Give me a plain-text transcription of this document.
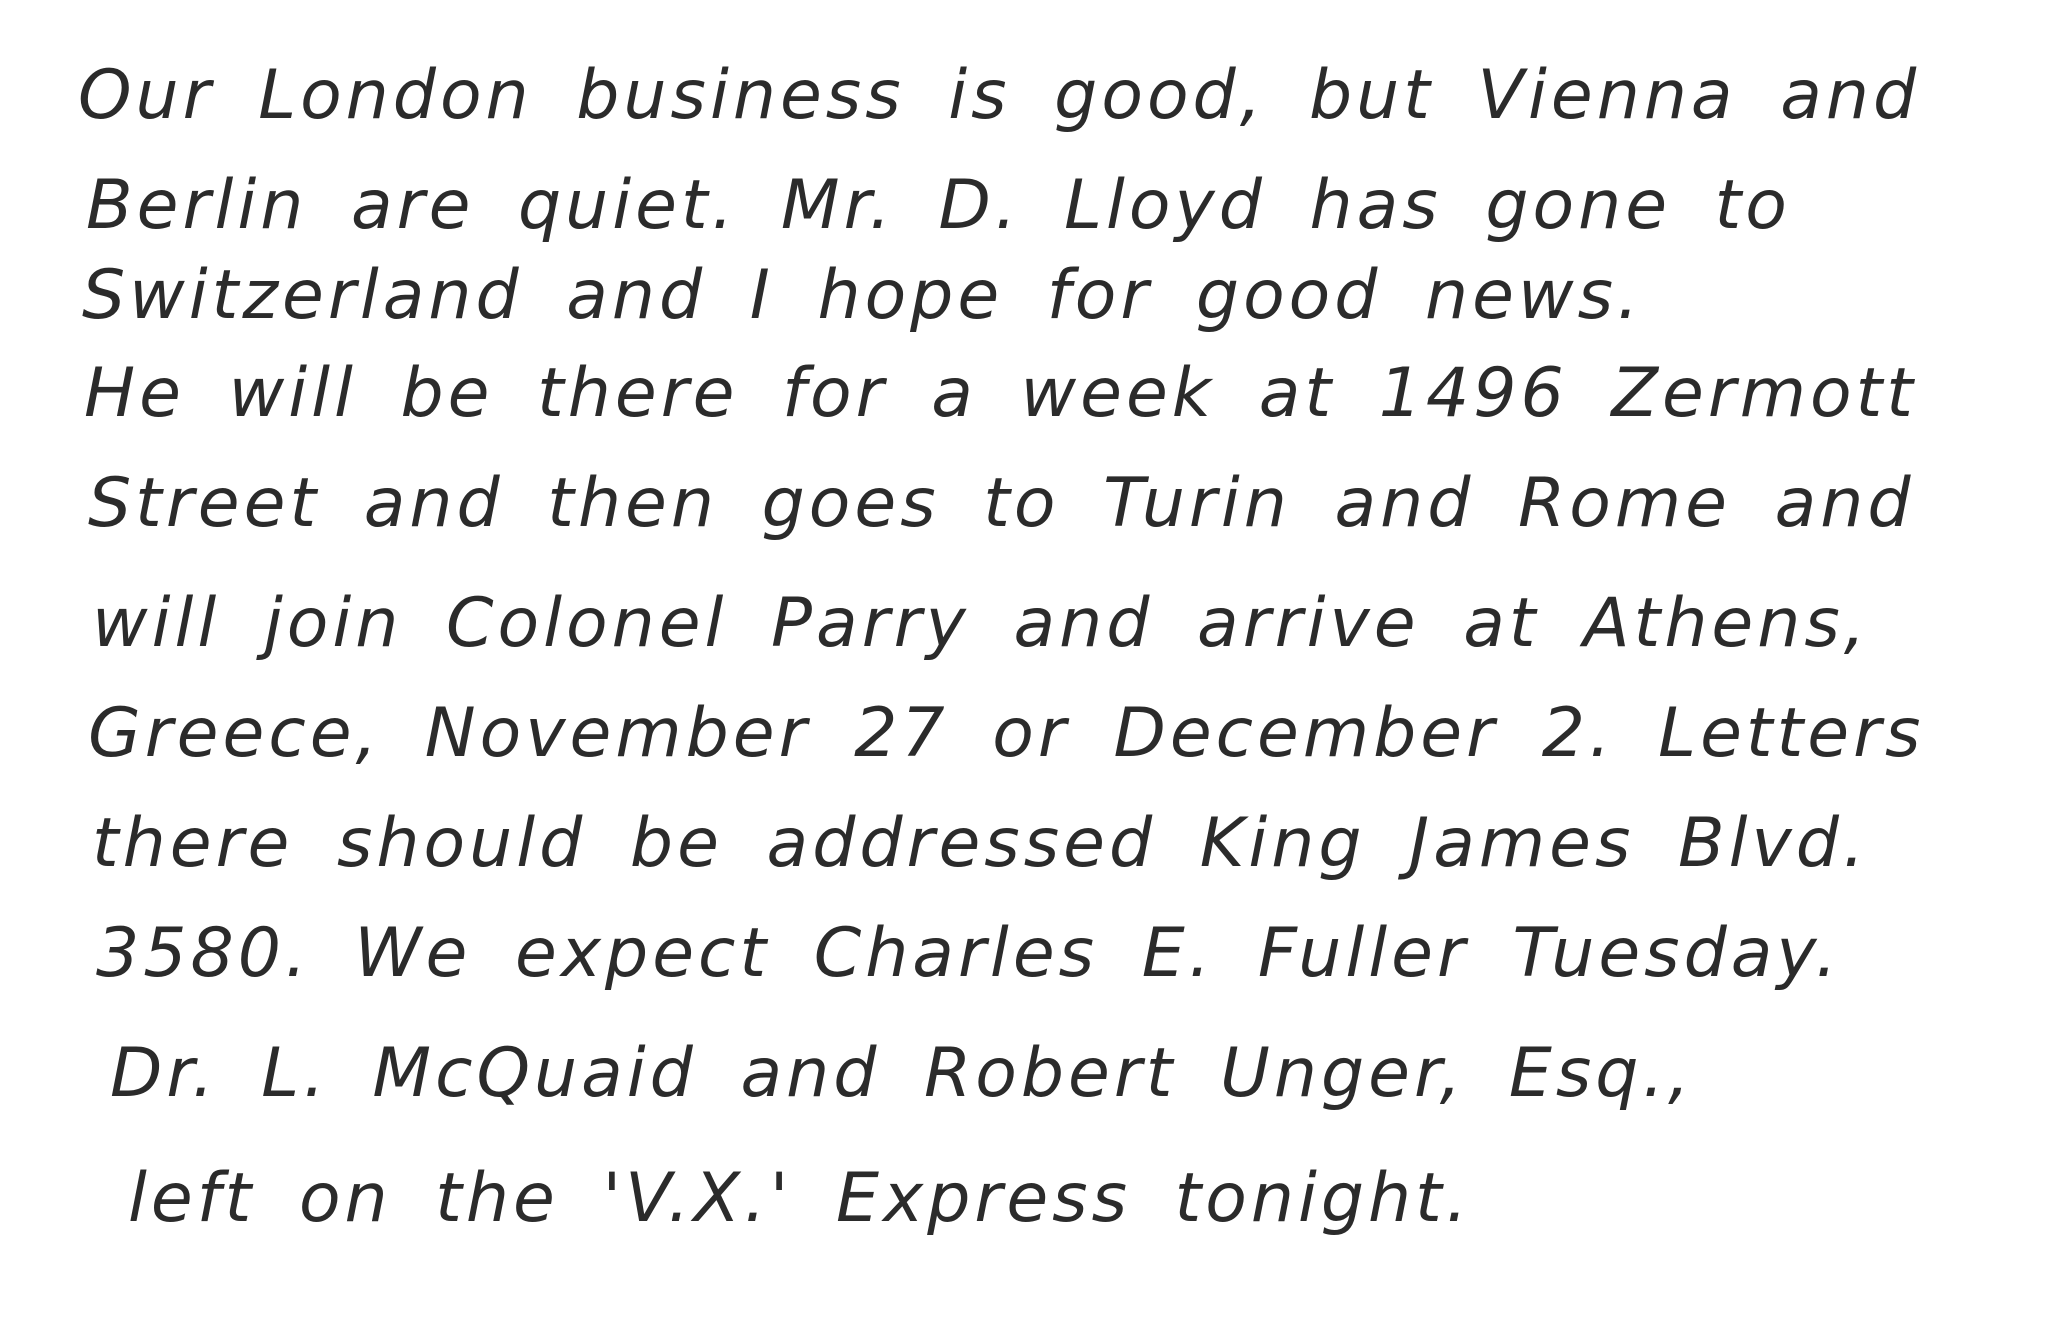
Our London business is good, but Vienna and
Berlin are quiet. Mr. D. Lloyd has gone to
Switzerland and I hope for good news.
He will be there for a week at 1496 Zermott
Street and then goes to Turin and Rome and
will join Colonel Parry and arrive at Athens,
Greece, November 27 or December 2. Letters
there should be addressed King James Blvd.
3580. We expect Charles E. Fuller Tuesday.
Dr. L. McQuaid and Robert Unger, Esq.,
left on the 'V.X.' Express tonight.
